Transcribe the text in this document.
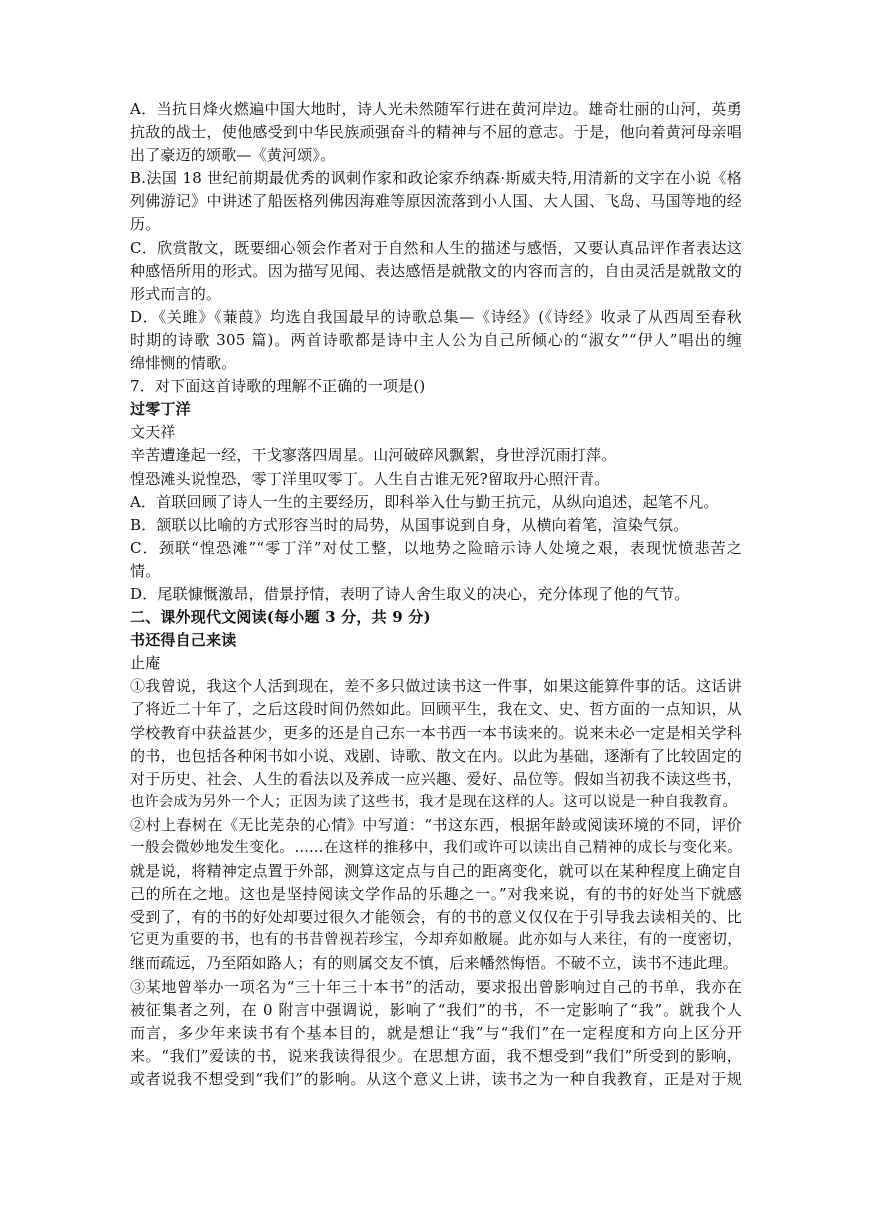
A．当抗日烽火燃遍中国大地时，诗人光未然随军行进在黄河岸边。雄奇壮丽的山河，英勇
抗敌的战士，使他感受到中华民族顽强奋斗的精神与不屈的意志。于是，他向着黄河母亲唱
出了豪迈的颂歌—《黄河颂》。
B.法国 18 世纪前期最优秀的讽刺作家和政论家乔纳森·斯威夫特,用清新的文字在小说《格
列佛游记》中讲述了船医格列佛因海难等原因流落到小人国、大人国、飞岛、马国等地的经
历。
C．欣赏散文，既要细心领会作者对于自然和人生的描述与感悟，又要认真品评作者表达这
种感悟所用的形式。因为描写见闻、表达感悟是就散文的内容而言的，自由灵活是就散文的
形式而言的。
D．《关雎》《蒹葭》均选自我国最早的诗歌总集—《诗经》(《诗经》收录了从西周至春秋
时期的诗歌 305 篇)。两首诗歌都是诗中主人公为自己所倾心的“淑女”“伊人”唱出的缠
绵悱恻的情歌。
7．对下面这首诗歌的理解不正确的一项是()
过零丁洋
文天祥
辛苦遭逢起一经，干戈寥落四周星。山河破碎风飘絮，身世浮沉雨打萍。
惶恐滩头说惶恐，零丁洋里叹零丁。人生自古谁无死?留取丹心照汗青。
A．首联回顾了诗人一生的主要经历，即科举入仕与勤王抗元，从纵向追述，起笔不凡。
B．颔联以比喻的方式形容当时的局势，从国事说到自身，从横向着笔，渲染气氛。
C．颈联“惶恐滩”“零丁洋”对仗工整，以地势之险暗示诗人处境之艰，表现忧愤悲苦之
情。
D．尾联慷慨激昂，借景抒情，表明了诗人舍生取义的决心，充分体现了他的气节。
二、课外现代文阅读(每小题 3 分，共 9 分)
书还得自己来读
止庵
①我曾说，我这个人活到现在，差不多只做过读书这一件事，如果这能算件事的话。这话讲
了将近二十年了，之后这段时间仍然如此。回顾平生，我在文、史、哲方面的一点知识，从
学校教育中获益甚少，更多的还是自己东一本书西一本书读来的。说来未必一定是相关学科
的书，也包括各种闲书如小说、戏剧、诗歌、散文在内。以此为基础，逐渐有了比较固定的
对于历史、社会、人生的看法以及养成一应兴趣、爱好、品位等。假如当初我不读这些书，
也许会成为另外一个人；正因为读了这些书，我才是现在这样的人。这可以说是一种自我教育。
②村上春树在《无比芜杂的心情》中写道：“书这东西，根据年龄或阅读环境的不同，评价
一般会微妙地发生变化。……在这样的推移中，我们或许可以读出自己精神的成长与变化来。
就是说，将精神定点置于外部，测算这定点与自己的距离变化，就可以在某种程度上确定自
己的所在之地。这也是坚持阅读文学作品的乐趣之一。”对我来说，有的书的好处当下就感
受到了，有的书的好处却要过很久才能领会，有的书的意义仅仅在于引导我去读相关的、比
它更为重要的书，也有的书昔曾视若珍宝，今却弃如敝屣。此亦如与人来往，有的一度密切，
继而疏远，乃至陌如路人；有的则属交友不慎，后来幡然悔悟。不破不立，读书不违此理。
③某地曾举办一项名为“三十年三十本书”的活动，要求报出曾影响过自己的书单，我亦在
被征集者之列，在 0 附言中强调说，影响了“我们”的书，不一定影响了“我”。就我个人
而言，多少年来读书有个基本目的，就是想让“我”与“我们”在一定程度和方向上区分开
来。“我们”爱读的书，说来我读得很少。在思想方面，我不想受到“我们”所受到的影响，
或者说我不想受到“我们”的影响。从这个意义上讲，读书之为一种自我教育，正是对于规
